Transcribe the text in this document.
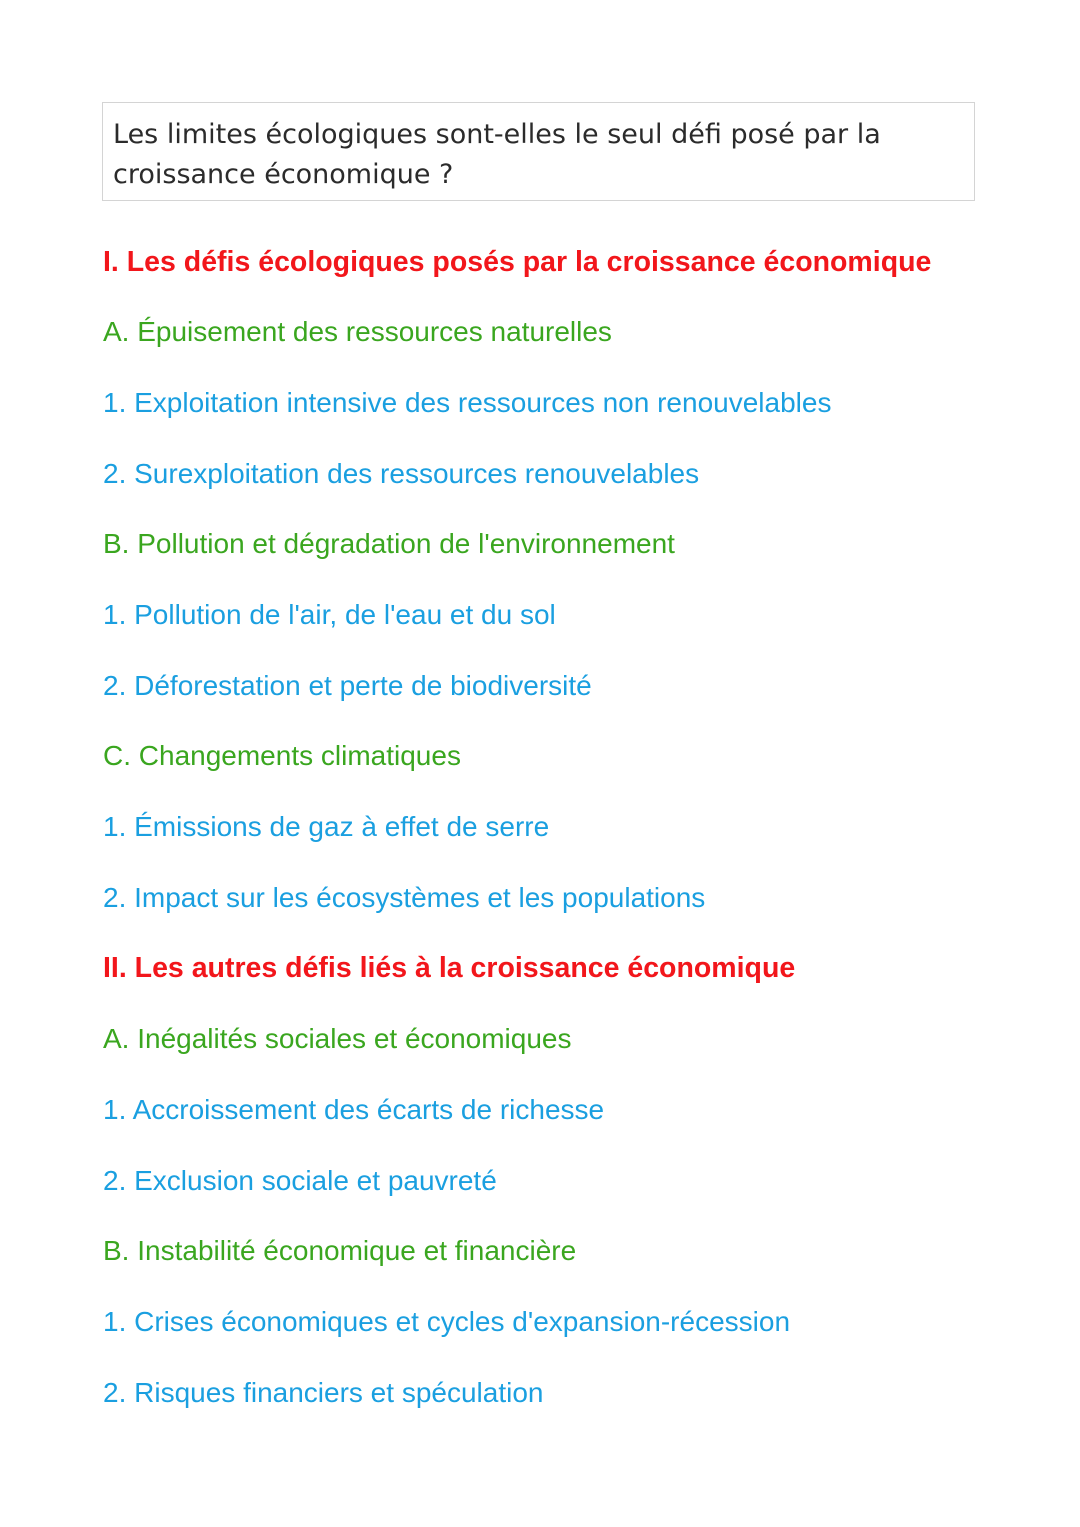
Les limites écologiques sont-elles le seul défi posé par la
croissance économique ?
I. Les défis écologiques posés par la croissance économique
A. Épuisement des ressources naturelles
1. Exploitation intensive des ressources non renouvelables
2. Surexploitation des ressources renouvelables
B. Pollution et dégradation de l'environnement
1. Pollution de l'air, de l'eau et du sol
2. Déforestation et perte de biodiversité
C. Changements climatiques
1. Émissions de gaz à effet de serre
2. Impact sur les écosystèmes et les populations
II. Les autres défis liés à la croissance économique
A. Inégalités sociales et économiques
1. Accroissement des écarts de richesse
2. Exclusion sociale et pauvreté
B. Instabilité économique et financière
1. Crises économiques et cycles d'expansion-récession
2. Risques financiers et spéculation
